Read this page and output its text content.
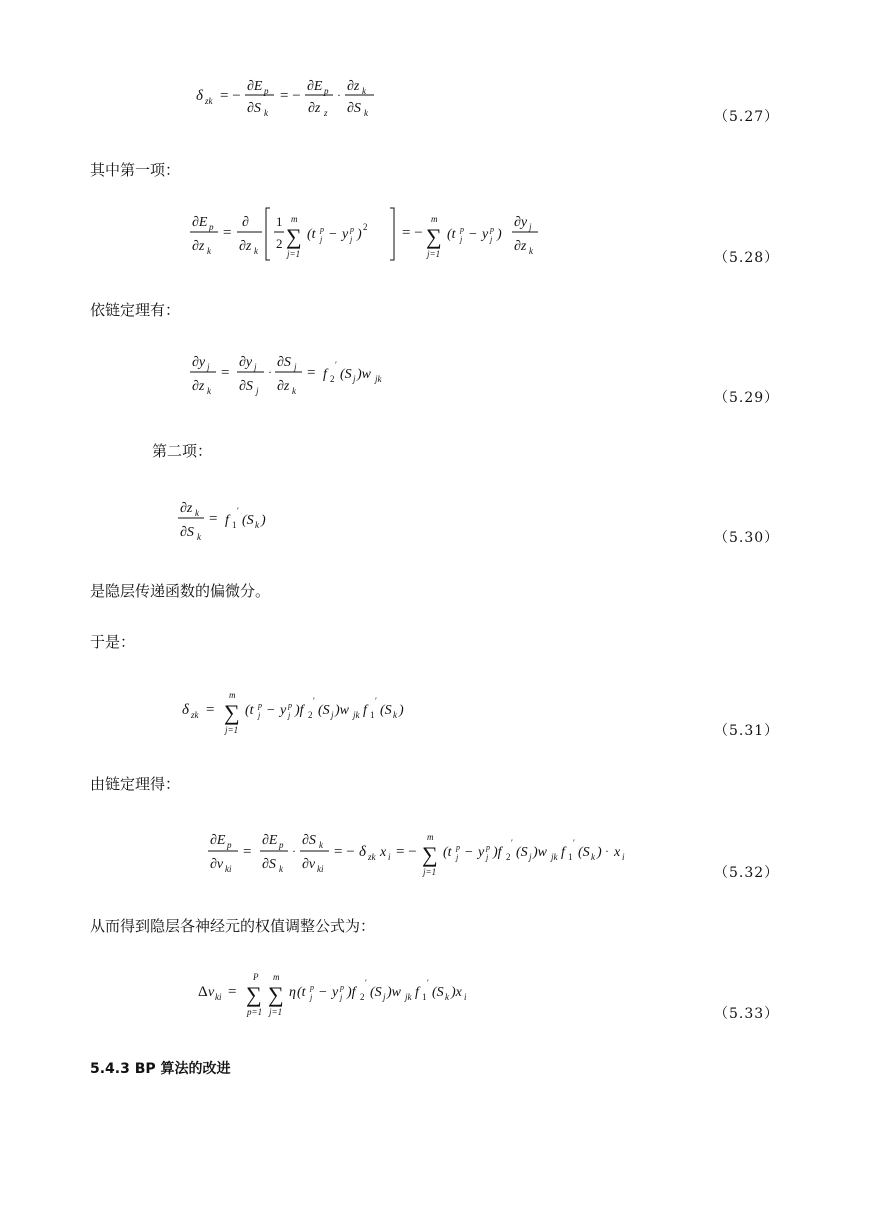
δ zk = −
∂E p
∂S k
= −
∂E p
∂z z
·
∂z k
∂S k	（5.27）
其中第一项：
∂E p
∂z k
=
∂
∂z k
1
2 ∑
m
j=1
(t p
j − y p
j ) 2 = − ∑
m
j=1
(t p
j − y p
j )
∂y j
∂z k	（5.28）
依链定理有：
∂y j
∂z k
=
∂y j
∂S j
·
∂S j
∂z k
= f 2
′
(S j )w jk
（5.29）
第二项：
∂z k
∂S k
= f 1
′
(S k )
（5.30）
是隐层传递函数的偏微分。
于是：
δ zk = ∑
m
j=1
(t p
j − y p
j )f 2
′
(S j )w jk f 1
′
(S k )
（5.31）
由链定理得：
∂E p
∂v ki
=
∂E p
∂S k
·
∂S k
∂v ki
= − δ zk x i = − ∑
m
j=1
(t p
j − y p
j )f 2
′
(S j )w jk f 1
′
(S k ) · x i
（5.32）
从而得到隐层各神经元的权值调整公式为：
Δ v ki = ∑
P
p=1
∑
m
j=1
η (t p
j − y p
j )f 2
′
(S j )w jk f 1
′
(S k )x i
（5.33）
5.4.3 BP 算法的改进
